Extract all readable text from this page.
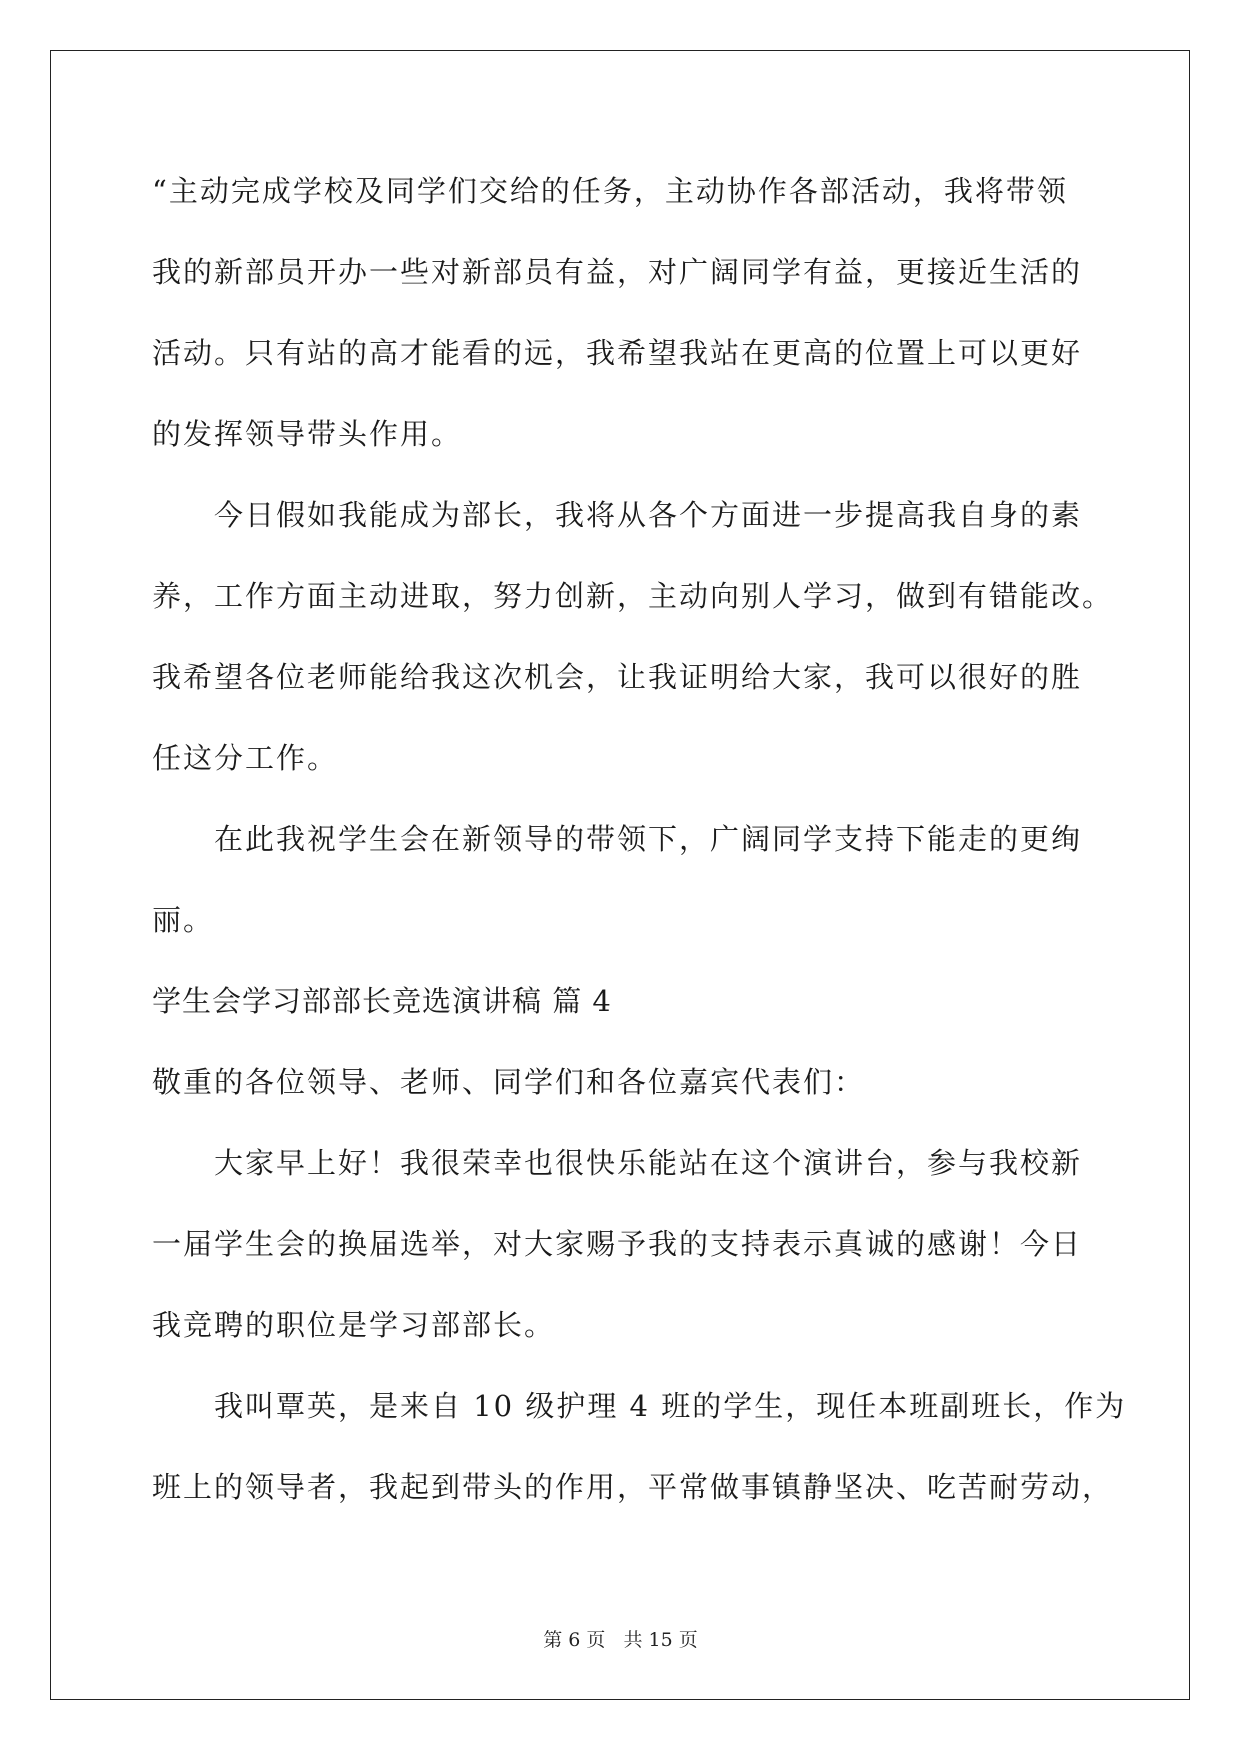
“主动完成学校及同学们交给的任务，主动协作各部活动，我将带领
我的新部员开办一些对新部员有益，对广阔同学有益，更接近生活的
活动。只有站的高才能看的远，我希望我站在更高的位置上可以更好
的发挥领导带头作用。
今日假如我能成为部长，我将从各个方面进一步提高我自身的素
养，工作方面主动进取，努力创新，主动向别人学习，做到有错能改。
我希望各位老师能给我这次机会，让我证明给大家，我可以很好的胜
任这分工作。
在此我祝学生会在新领导的带领下，广阔同学支持下能走的更绚
丽。
学生会学习部部长竞选演讲稿 篇 4
敬重的各位领导、老师、同学们和各位嘉宾代表们：
大家早上好！我很荣幸也很快乐能站在这个演讲台，参与我校新
一届学生会的换届选举，对大家赐予我的支持表示真诚的感谢！今日
我竞聘的职位是学习部部长。
我叫覃英，是来自 10 级护理 4 班的学生，现任本班副班长，作为
班上的领导者，我起到带头的作用，平常做事镇静坚决、吃苦耐劳动，
第 6 页 共 15 页
